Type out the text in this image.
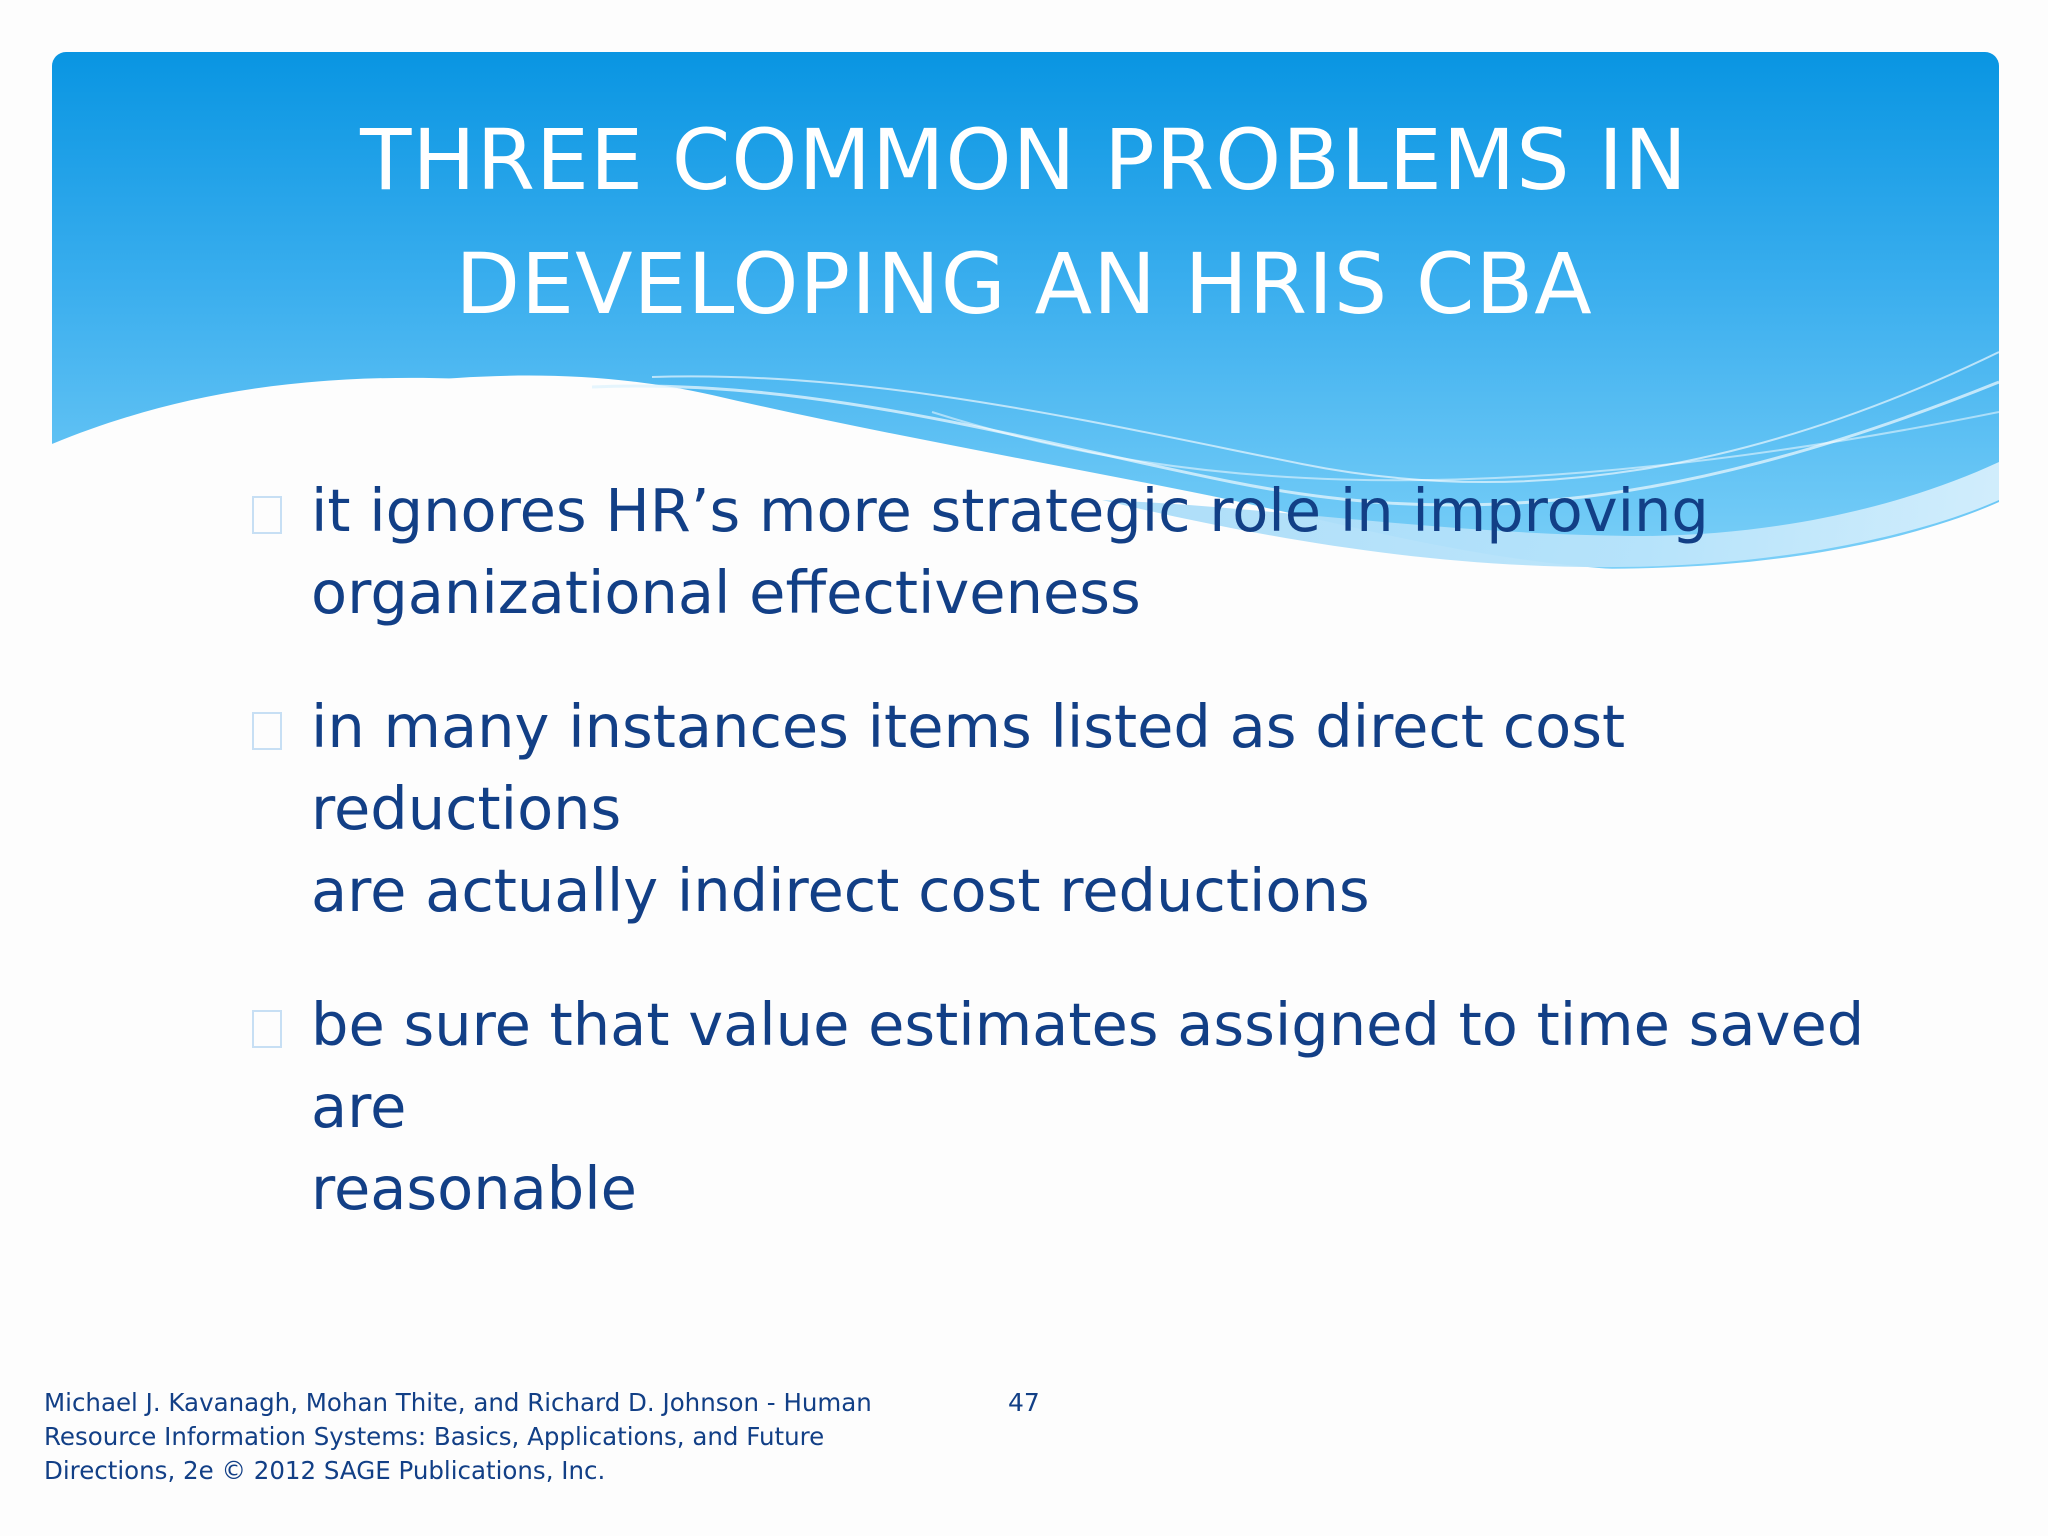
THREE COMMON PROBLEMS IN
DEVELOPING AN HRIS CBA
it ignores HR’s more strategic role in improving
organizational effectiveness
in many instances items listed as direct cost reductions
are actually indirect cost reductions
be sure that value estimates assigned to time saved are
reasonable

Michael J. Kavanagh, Mohan Thite, and Richard D. Johnson - Human
Resource Information Systems: Basics, Applications, and Future
Directions, 2e © 2012 SAGE Publications, Inc.

47
